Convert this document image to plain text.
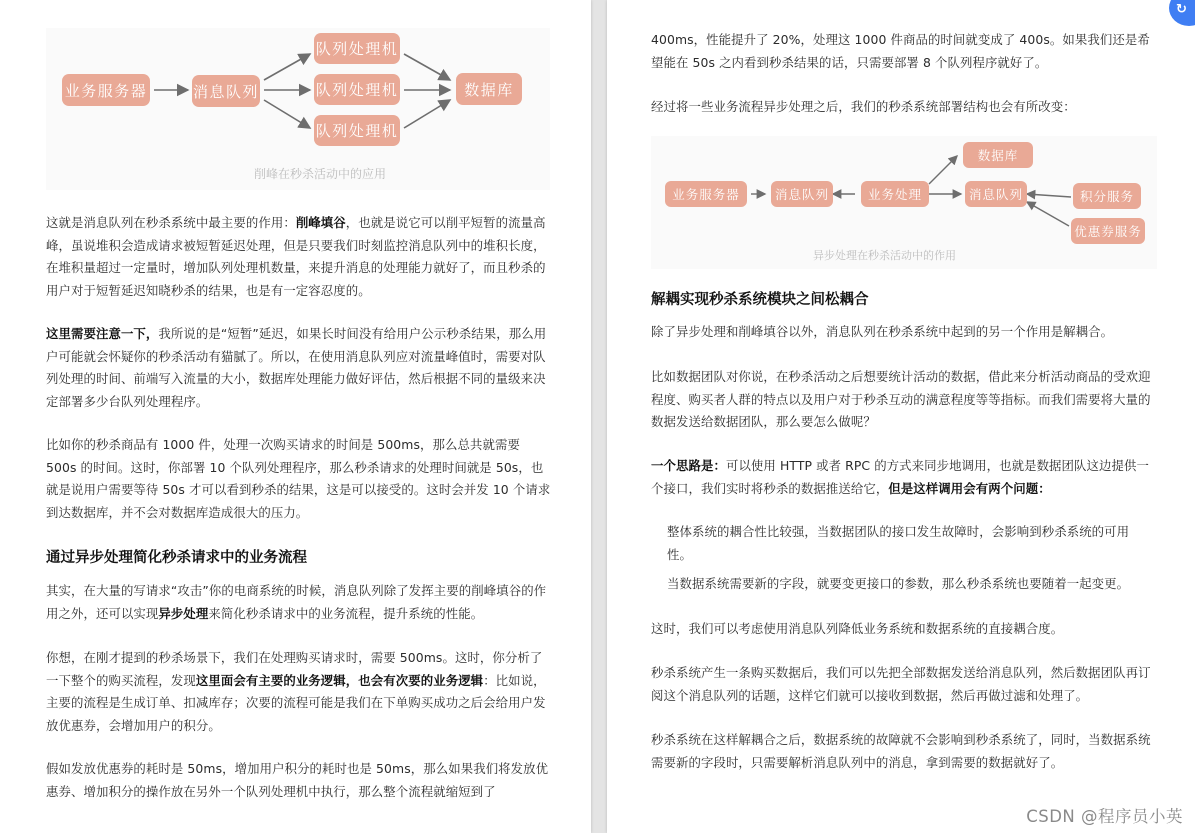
业务服务器	消息队列
队列处理机
队列处理机
队列处理机
数据库
削峰在秒杀活动中的应用

这就是消息队列在秒杀系统中最主要的作用：削峰填谷，也就是说它可以削平短暂的流量高峰，虽说堆积会造成请求被短暂延迟处理，但是只要我们时刻监控消息队列中的堆积长度，在堆积量超过一定量时，增加队列处理机数量，来提升消息的处理能力就好了，而且秒杀的用户对于短暂延迟知晓秒杀的结果，也是有一定容忍度的。

这里需要注意一下，我所说的是“短暂”延迟，如果长时间没有给用户公示秒杀结果，那么用户可能就会怀疑你的秒杀活动有猫腻了。所以，在使用消息队列应对流量峰值时，需要对队列处理的时间、前端写入流量的大小，数据库处理能力做好评估，然后根据不同的量级来决定部署多少台队列处理程序。

比如你的秒杀商品有 1000 件，处理一次购买请求的时间是 500ms，那么总共就需要 500s 的时间。这时，你部署 10 个队列处理程序，那么秒杀请求的处理时间就是 50s，也就是说用户需要等待 50s 才可以看到秒杀的结果，这是可以接受的。这时会并发 10 个请求到达数据库，并不会对数据库造成很大的压力。

通过异步处理简化秒杀请求中的业务流程

其实，在大量的写请求“攻击”你的电商系统的时候，消息队列除了发挥主要的削峰填谷的作用之外，还可以实现异步处理来简化秒杀请求中的业务流程，提升系统的性能。

你想，在刚才提到的秒杀场景下，我们在处理购买请求时，需要 500ms。这时，你分析了一下整个的购买流程，发现这里面会有主要的业务逻辑，也会有次要的业务逻辑：比如说，主要的流程是生成订单、扣减库存；次要的流程可能是我们在下单购买成功之后会给用户发放优惠券，会增加用户的积分。

假如发放优惠券的耗时是 50ms，增加用户积分的耗时也是 50ms，那么如果我们将发放优惠券、增加积分的操作放在另外一个队列处理机中执行，那么整个流程就缩短到了

400ms，性能提升了 20%，处理这 1000 件商品的时间就变成了 400s。如果我们还是希望能在 50s 之内看到秒杀结果的话，只需要部署 8 个队列程序就好了。

经过将一些业务流程异步处理之后，我们的秒杀系统部署结构也会有所改变：

业务服务器	消息队列	业务处理
数据库
消息队列	积分服务
优惠券服务
异步处理在秒杀活动中的作用
解耦实现秒杀系统模块之间松耦合

除了异步处理和削峰填谷以外，消息队列在秒杀系统中起到的另一个作用是解耦合。

比如数据团队对你说，在秒杀活动之后想要统计活动的数据，借此来分析活动商品的受欢迎程度、购买者人群的特点以及用户对于秒杀互动的满意程度等等指标。而我们需要将大量的数据发送给数据团队，那么要怎么做呢？

一个思路是：可以使用 HTTP 或者 RPC 的方式来同步地调用，也就是数据团队这边提供一个接口，我们实时将秒杀的数据推送给它，但是这样调用会有两个问题：

整体系统的耦合性比较强，当数据团队的接口发生故障时，会影响到秒杀系统的可用性。

当数据系统需要新的字段，就要变更接口的参数，那么秒杀系统也要随着一起变更。

这时，我们可以考虑使用消息队列降低业务系统和数据系统的直接耦合度。

秒杀系统产生一条购买数据后，我们可以先把全部数据发送给消息队列，然后数据团队再订阅这个消息队列的话题，这样它们就可以接收到数据，然后再做过滤和处理了。

秒杀系统在这样解耦合之后，数据系统的故障就不会影响到秒杀系统了，同时，当数据系统需要新的字段时，只需要解析消息队列中的消息，拿到需要的数据就好了。

CSDN @程序员小英
↻
